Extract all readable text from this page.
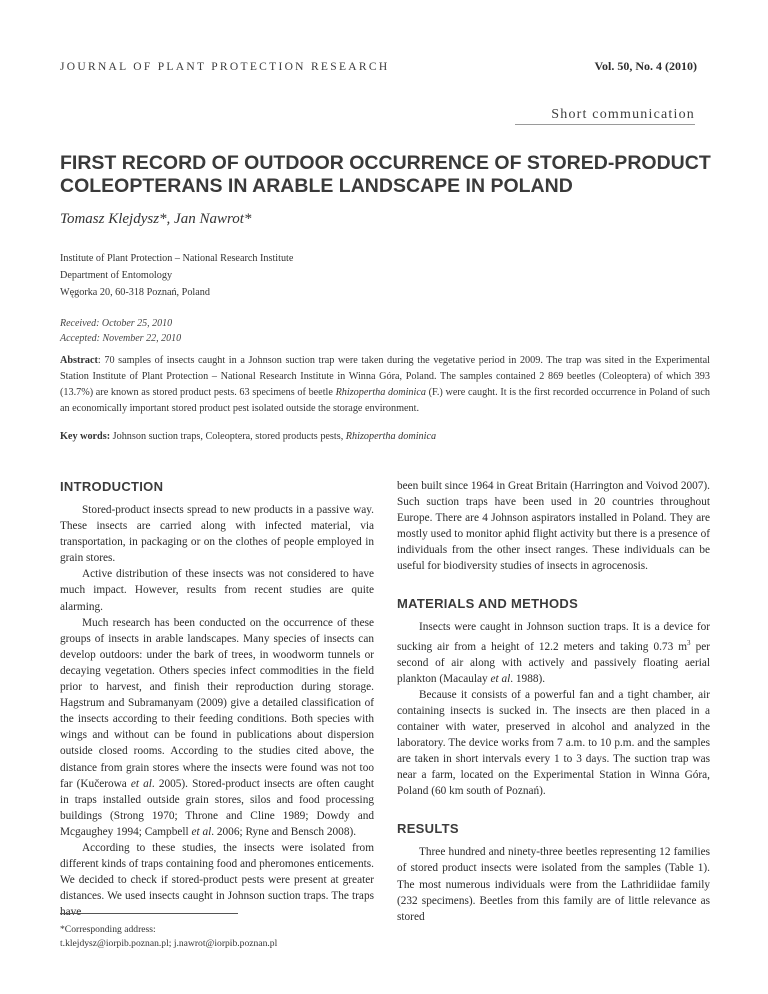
JOURNAL OF PLANT PROTECTION RESEARCH	Vol. 50, No. 4 (2010)
Short communication
FIRST RECORD OF OUTDOOR OCCURRENCE OF STORED-PRODUCT COLEOPTERANS IN ARABLE LANDSCAPE IN POLAND
Tomasz Klejdysz*, Jan Nawrot*
Institute of Plant Protection – National Research Institute
Department of Entomology
Węgorka 20, 60-318 Poznań, Poland
Received: October 25, 2010
Accepted: November 22, 2010

Abstract: 70 samples of insects caught in a Johnson suction trap were taken during the vegetative period in 2009. The trap was sited in the Experimental Station Institute of Plant Protection – National Research Institute in Winna Góra, Poland. The samples contained 2 869 beetles (Coleoptera) of which 393 (13.7%) are known as stored product pests. 63 specimens of beetle Rhizopertha dominica (F.) were caught. It is the first recorded occurrence in Poland of such an economically important stored product pest isolated outside the storage environment.

Key words: Johnson suction traps, Coleoptera, stored products pests, Rhizopertha dominica
INTRODUCTION

Stored-product insects spread to new products in a passive way. These insects are carried along with infected material, via transportation, in packaging or on the clothes of people employed in grain stores.

Active distribution of these insects was not considered to have much impact. However, results from recent studies are quite alarming.

Much research has been conducted on the occurrence of these groups of insects in arable landscapes. Many species of insects can develop outdoors: under the bark of trees, in woodworm tunnels or decaying vegetation. Others species infect commodities in the field prior to harvest, and finish their reproduction during storage. Hagstrum and Subramanyam (2009) give a detailed classification of the insects according to their feeding conditions. Both species with wings and without can be found in publications about dispersion outside closed rooms. According to the studies cited above, the distance from grain stores where the insects were found was not too far (Kučerowa et al. 2005). Stored-product insects are often caught in traps installed outside grain stores, silos and food processing buildings (Strong 1970; Throne and Cline 1989; Dowdy and Mcgaughey 1994; Campbell et al. 2006; Ryne and Bensch 2008).

According to these studies, the insects were isolated from different kinds of traps containing food and pheromones enticements. We decided to check if stored-product pests were present at greater distances. We used insects caught in Johnson suction traps. The traps have

been built since 1964 in Great Britain (Harrington and Voivod 2007). Such suction traps have been used in 20 countries throughout Europe. There are 4 Johnson aspirators installed in Poland. They are mostly used to monitor aphid flight activity but there is a presence of individuals from the other insect ranges. These individuals can be useful for biodiversity studies of insects in agrocenosis.

MATERIALS AND METHODS

Insects were caught in Johnson suction traps. It is a device for sucking air from a height of 12.2 meters and taking 0.73 $m^3$ per second of air along with actively and passively floating aerial plankton (Macaulay et al. 1988).

Because it consists of a powerful fan and a tight chamber, air containing insects is sucked in. The insects are then placed in a container with water, preserved in alcohol and analyzed in the laboratory. The device works from 7 a.m. to 10 p.m. and the samples are taken in short intervals every 1 to 3 days. The suction trap was near a farm, located on the Experimental Station in Winna Góra, Poland (60 km south of Poznań).

RESULTS

Three hundred and ninety-three beetles representing 12 families of stored product insects were isolated from the samples (Table 1). The most numerous individuals were from the Lathridiidae family (232 specimens). Beetles from this family are of little relevance as stored

*Corresponding address:
t.klejdysz@iorpib.poznan.pl; j.nawrot@iorpib.poznan.pl
